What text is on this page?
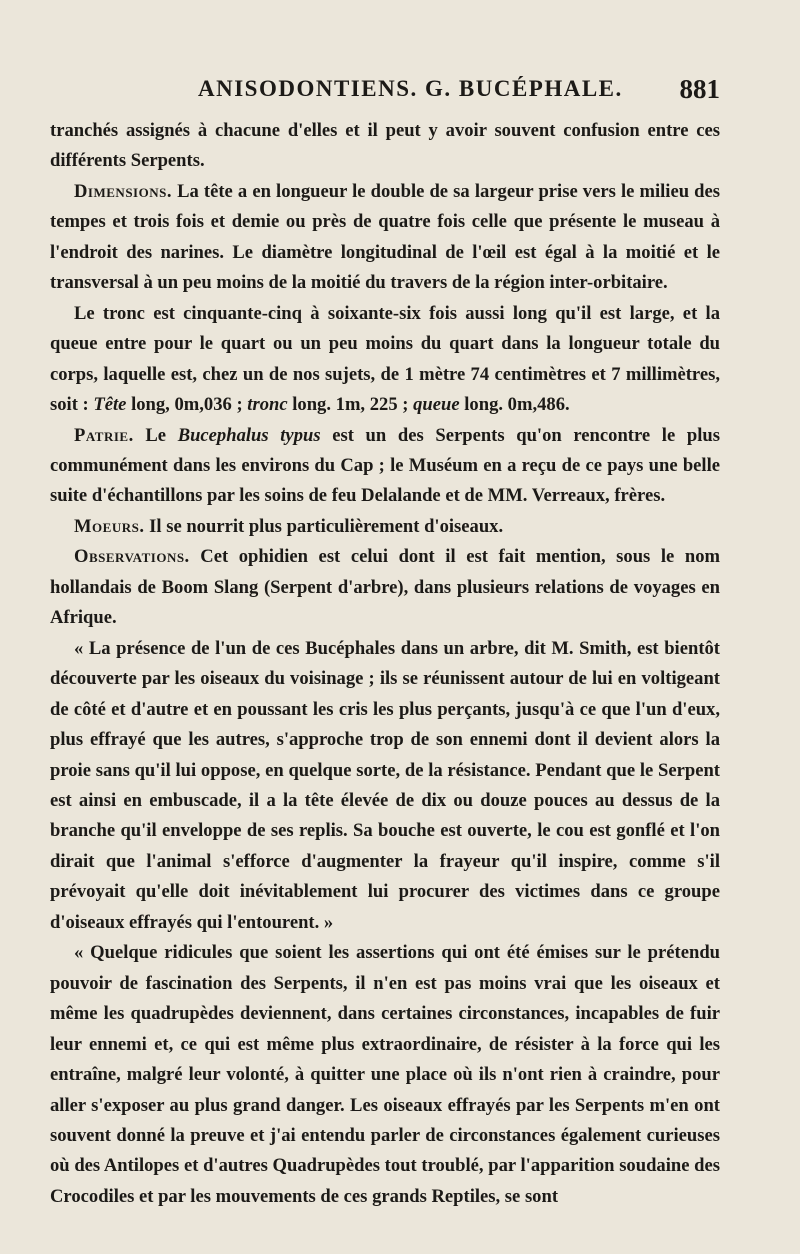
ANISODONTIENS. G. BUCÉPHALE. 881

tranchés assignés à chacune d'elles et il peut y avoir souvent confusion entre ces différents Serpents.

Dimensions. La tête a en longueur le double de sa largeur prise vers le milieu des tempes et trois fois et demie ou près de quatre fois celle que présente le museau à l'endroit des narines. Le diamètre longitudinal de l'œil est égal à la moitié et le transversal à un peu moins de la moitié du travers de la région inter-orbitaire.

Le tronc est cinquante-cinq à soixante-six fois aussi long qu'il est large, et la queue entre pour le quart ou un peu moins du quart dans la longueur totale du corps, laquelle est, chez un de nos sujets, de 1 mètre 74 centimètres et 7 millimètres, soit : Tête long, 0m,036 ; tronc long. 1m, 225 ; queue long. 0m,486.

Patrie. Le Bucephalus typus est un des Serpents qu'on rencontre le plus communément dans les environs du Cap ; le Muséum en a reçu de ce pays une belle suite d'échantillons par les soins de feu Delalande et de MM. Verreaux, frères.

Moeurs. Il se nourrit plus particulièrement d'oiseaux.

Observations. Cet ophidien est celui dont il est fait mention, sous le nom hollandais de Boom Slang (Serpent d'arbre), dans plusieurs relations de voyages en Afrique.

« La présence de l'un de ces Bucéphales dans un arbre, dit M. Smith, est bientôt découverte par les oiseaux du voisinage ; ils se réunissent autour de lui en voltigeant de côté et d'autre et en poussant les cris les plus perçants, jusqu'à ce que l'un d'eux, plus effrayé que les autres, s'approche trop de son ennemi dont il devient alors la proie sans qu'il lui oppose, en quelque sorte, de la résistance. Pendant que le Serpent est ainsi en embuscade, il a la tête élevée de dix ou douze pouces au dessus de la branche qu'il enveloppe de ses replis. Sa bouche est ouverte, le cou est gonflé et l'on dirait que l'animal s'efforce d'augmenter la frayeur qu'il inspire, comme s'il prévoyait qu'elle doit inévitablement lui procurer des victimes dans ce groupe d'oiseaux effrayés qui l'entourent. »

« Quelque ridicules que soient les assertions qui ont été émises sur le prétendu pouvoir de fascination des Serpents, il n'en est pas moins vrai que les oiseaux et même les quadrupèdes deviennent, dans certaines circonstances, incapables de fuir leur ennemi et, ce qui est même plus extraordinaire, de résister à la force qui les entraîne, malgré leur volonté, à quitter une place où ils n'ont rien à craindre, pour aller s'exposer au plus grand danger. Les oiseaux effrayés par les Serpents m'en ont souvent donné la preuve et j'ai entendu parler de circonstances également curieuses où des Antilopes et d'autres Quadrupèdes tout troublé, par l'apparition soudaine des Crocodiles et par les mouvements de ces grands Reptiles, se sont
